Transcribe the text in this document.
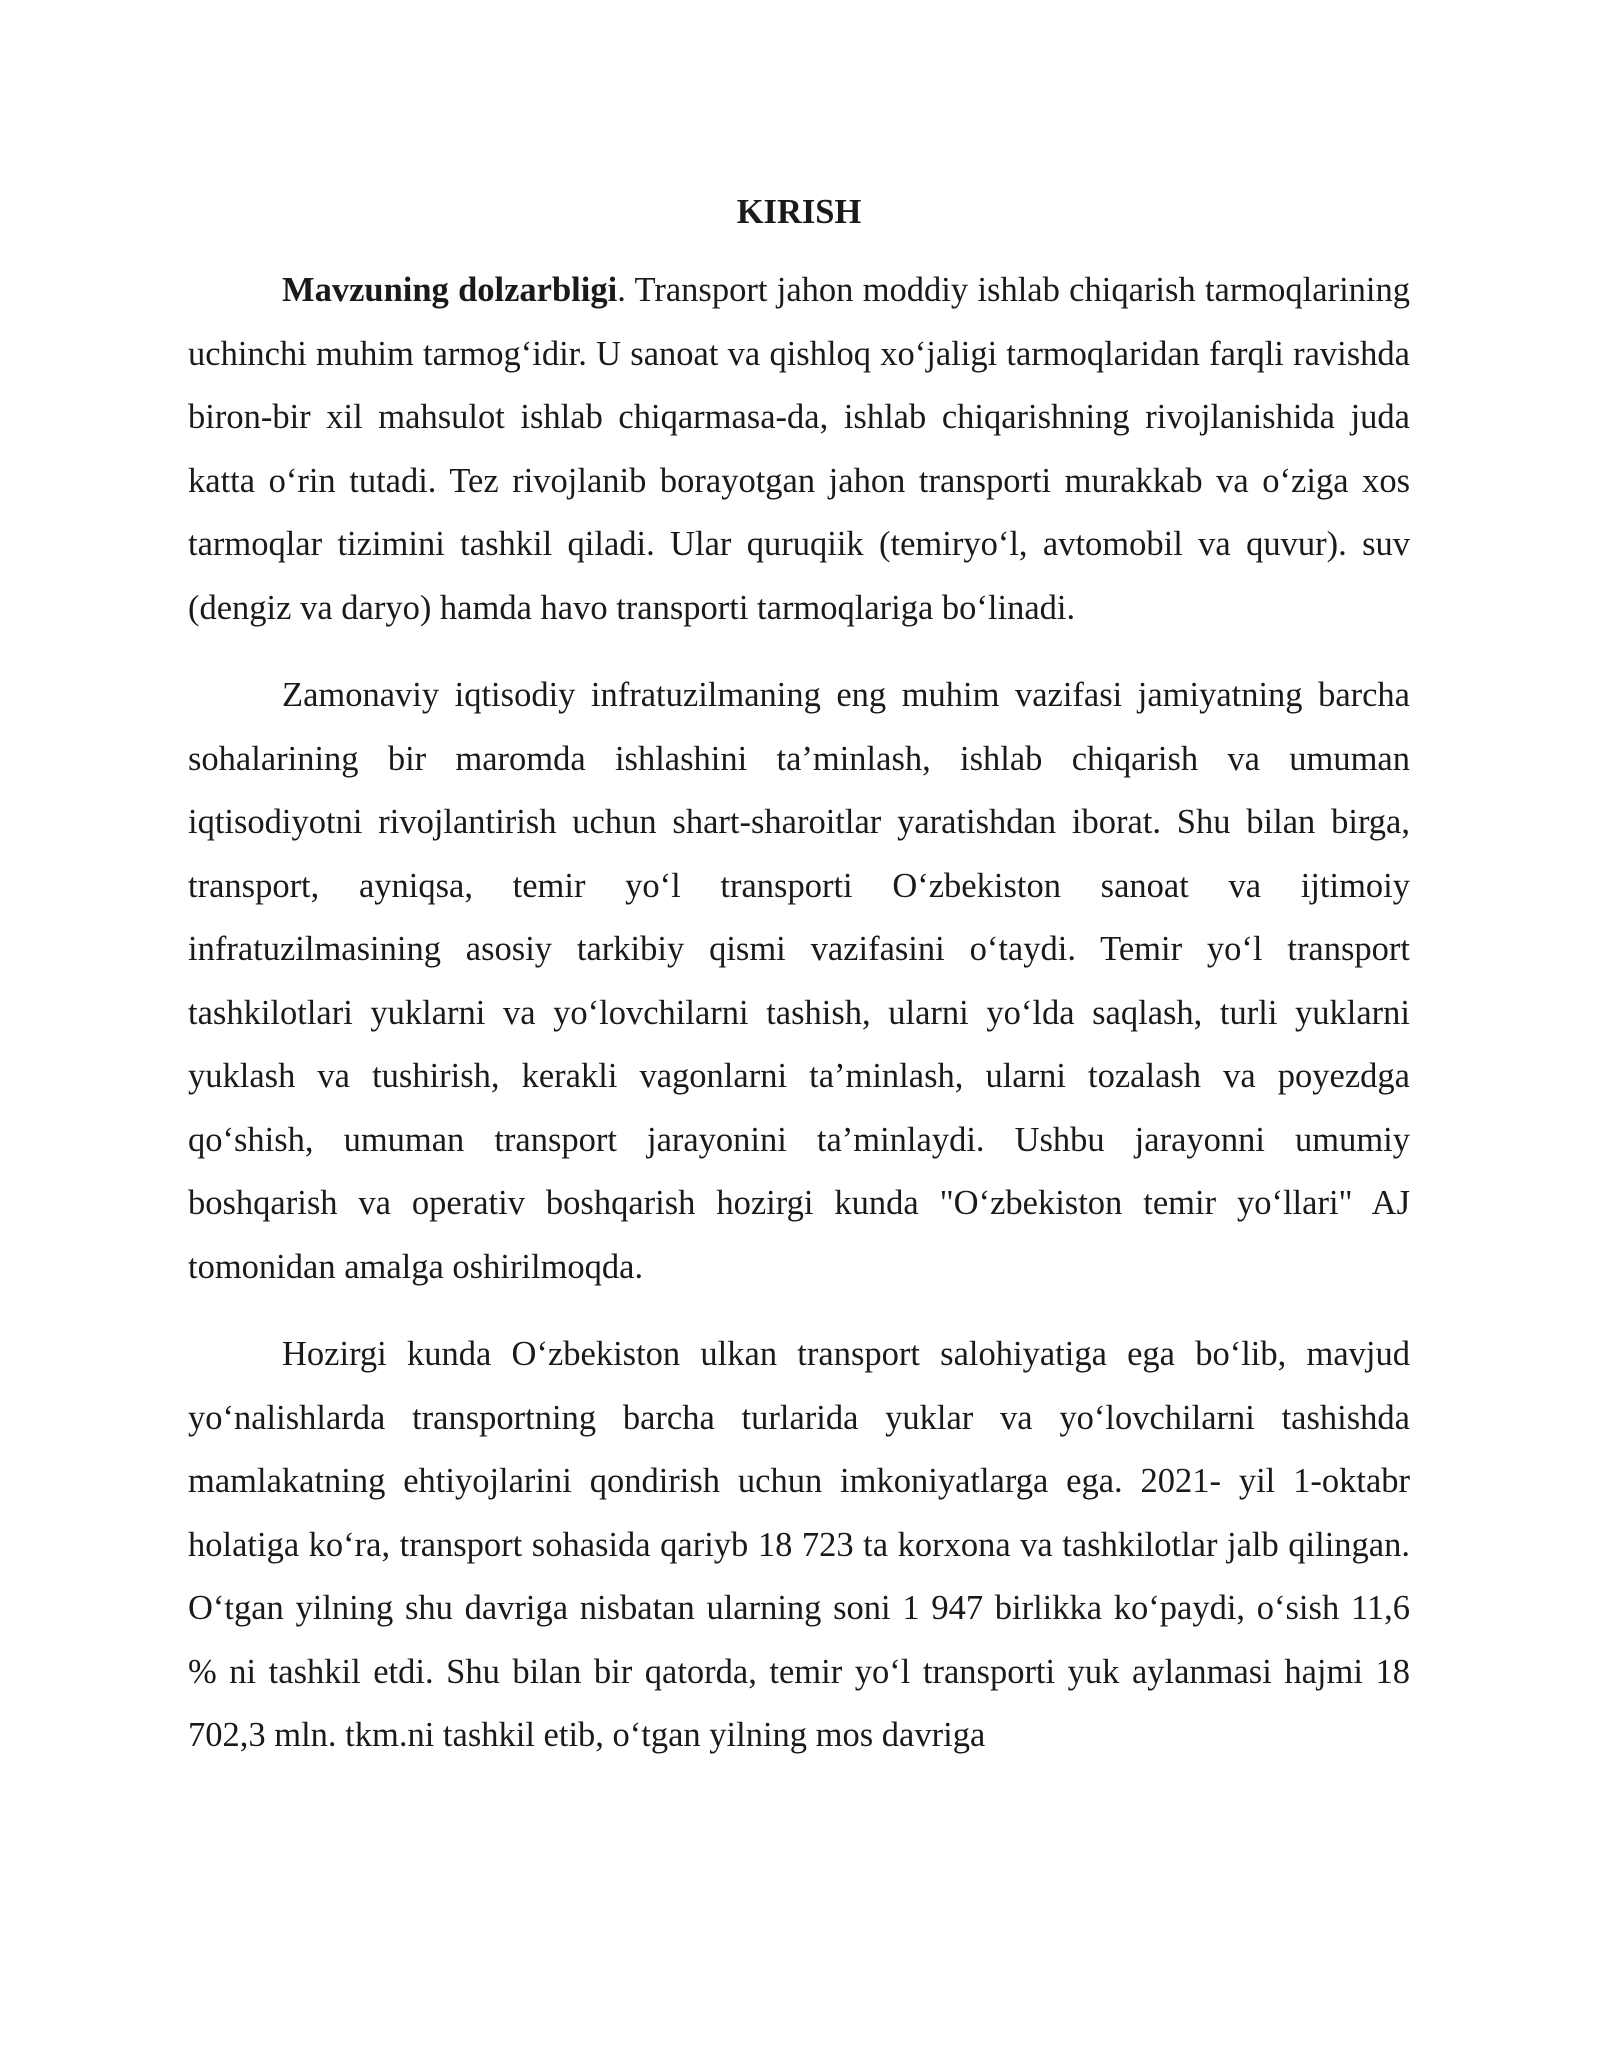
KIRISH

Mavzuning dolzarbligi. Transport jahon moddiy ishlab chiqarish tarmoqlarining uchinchi muhim tarmog‘idir. U sanoat va qishloq xo‘jaligi tarmoqlaridan farqli ravishda biron-bir xil mahsulot ishlab chiqarmasa-da, ishlab chiqarishning rivojlanishida juda katta o‘rin tutadi. Tez rivojlanib borayotgan jahon transporti murakkab va o‘ziga xos tarmoqlar tizimini tashkil qiladi. Ular quruqiik (temiryo‘l, avtomobil va quvur). suv (dengiz va daryo) hamda havo transporti tarmoqlariga bo‘linadi.

Zamonaviy iqtisodiy infratuzilmaning eng muhim vazifasi jamiyatning barcha sohalarining bir maromda ishlashini ta’minlash, ishlab chiqarish va umuman iqtisodiyotni rivojlantirish uchun shart-sharoitlar yaratishdan iborat. Shu bilan birga, transport, ayniqsa, temir yo‘l transporti O‘zbekiston sanoat va ijtimoiy infratuzilmasining asosiy tarkibiy qismi vazifasini o‘taydi. Temir yo‘l transport tashkilotlari yuklarni va yo‘lovchilarni tashish, ularni yo‘lda saqlash, turli yuklarni yuklash va tushirish, kerakli vagonlarni ta’minlash, ularni tozalash va poyezdga qo‘shish, umuman transport jarayonini ta’minlaydi. Ushbu jarayonni umumiy boshqarish va operativ boshqarish hozirgi kunda "O‘zbekiston temir yo‘llari" AJ tomonidan amalga oshirilmoqda.

Hozirgi kunda O‘zbekiston ulkan transport salohiyatiga ega bo‘lib, mavjud yo‘nalishlarda transportning barcha turlarida yuklar va yo‘lovchilarni tashishda mamlakatning ehtiyojlarini qondirish uchun imkoniyatlarga ega. 2021- yil 1-oktabr holatiga ko‘ra, transport sohasida qariyb 18 723 ta korxona va tashkilotlar jalb qilingan. O‘tgan yilning shu davriga nisbatan ularning soni 1 947 birlikka ko‘paydi, o‘sish 11,6 % ni tashkil etdi. Shu bilan bir qatorda, temir yo‘l transporti yuk aylanmasi hajmi 18 702,3 mln. tkm.ni tashkil etib, o‘tgan yilning mos davriga
